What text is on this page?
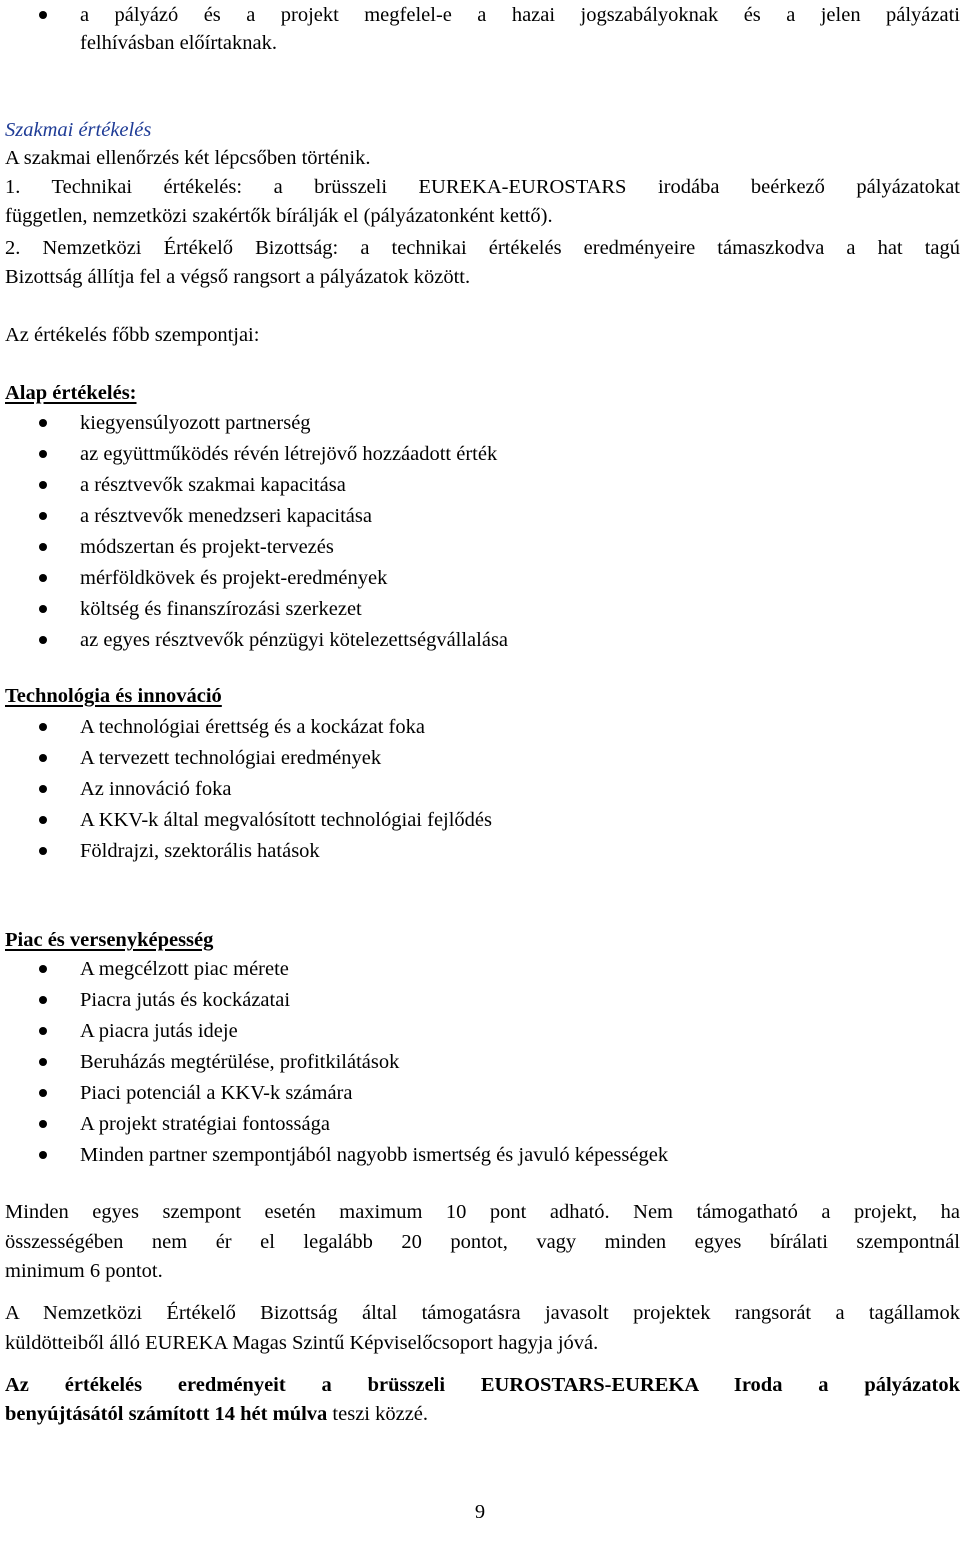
a pályázó és a projekt megfelel-e a hazai jogszabályoknak és a jelen pályázati
felhívásban előírtaknak.
Szakmai értékelés
A szakmai ellenőrzés két lépcsőben történik.
1. Technikai értékelés: a brüsszeli EUREKA-EUROSTARS irodába beérkező pályázatokat
független, nemzetközi szakértők bírálják el (pályázatonként kettő).
2. Nemzetközi Értékelő Bizottság: a technikai értékelés eredményeire támaszkodva a hat tagú
Bizottság állítja fel a végső rangsort a pályázatok között.
Az értékelés főbb szempontjai:
Alap értékelés:
kiegyensúlyozott partnerség
az együttműködés révén létrejövő hozzáadott érték
a résztvevők szakmai kapacitása
a résztvevők menedzseri kapacitása
módszertan és projekt-tervezés
mérföldkövek és projekt-eredmények
költség és finanszírozási szerkezet
az egyes résztvevők pénzügyi kötelezettségvállalása
Technológia és innováció
A technológiai érettség és a kockázat foka
A tervezett technológiai eredmények
Az innováció foka
A KKV-k által megvalósított technológiai fejlődés
Földrajzi, szektorális hatások
Piac és versenyképesség
A megcélzott piac mérete
Piacra jutás és kockázatai
A piacra jutás ideje
Beruházás megtérülése, profitkilátások
Piaci potenciál a KKV-k számára
A projekt stratégiai fontossága
Minden partner szempontjából nagyobb ismertség és javuló képességek
Minden egyes szempont esetén maximum 10 pont adható. Nem támogatható a projekt, ha
összességében nem ér el legalább 20 pontot, vagy minden egyes bírálati szempontnál
minimum 6 pontot.
A Nemzetközi Értékelő Bizottság által támogatásra javasolt projektek rangsorát a tagállamok
küldötteiből álló EUREKA Magas Szintű Képviselőcsoport hagyja jóvá.
Az értékelés eredményeit a brüsszeli EUROSTARS-EUREKA Iroda a pályázatok
benyújtásától számított 14 hét múlva teszi közzé.
9
